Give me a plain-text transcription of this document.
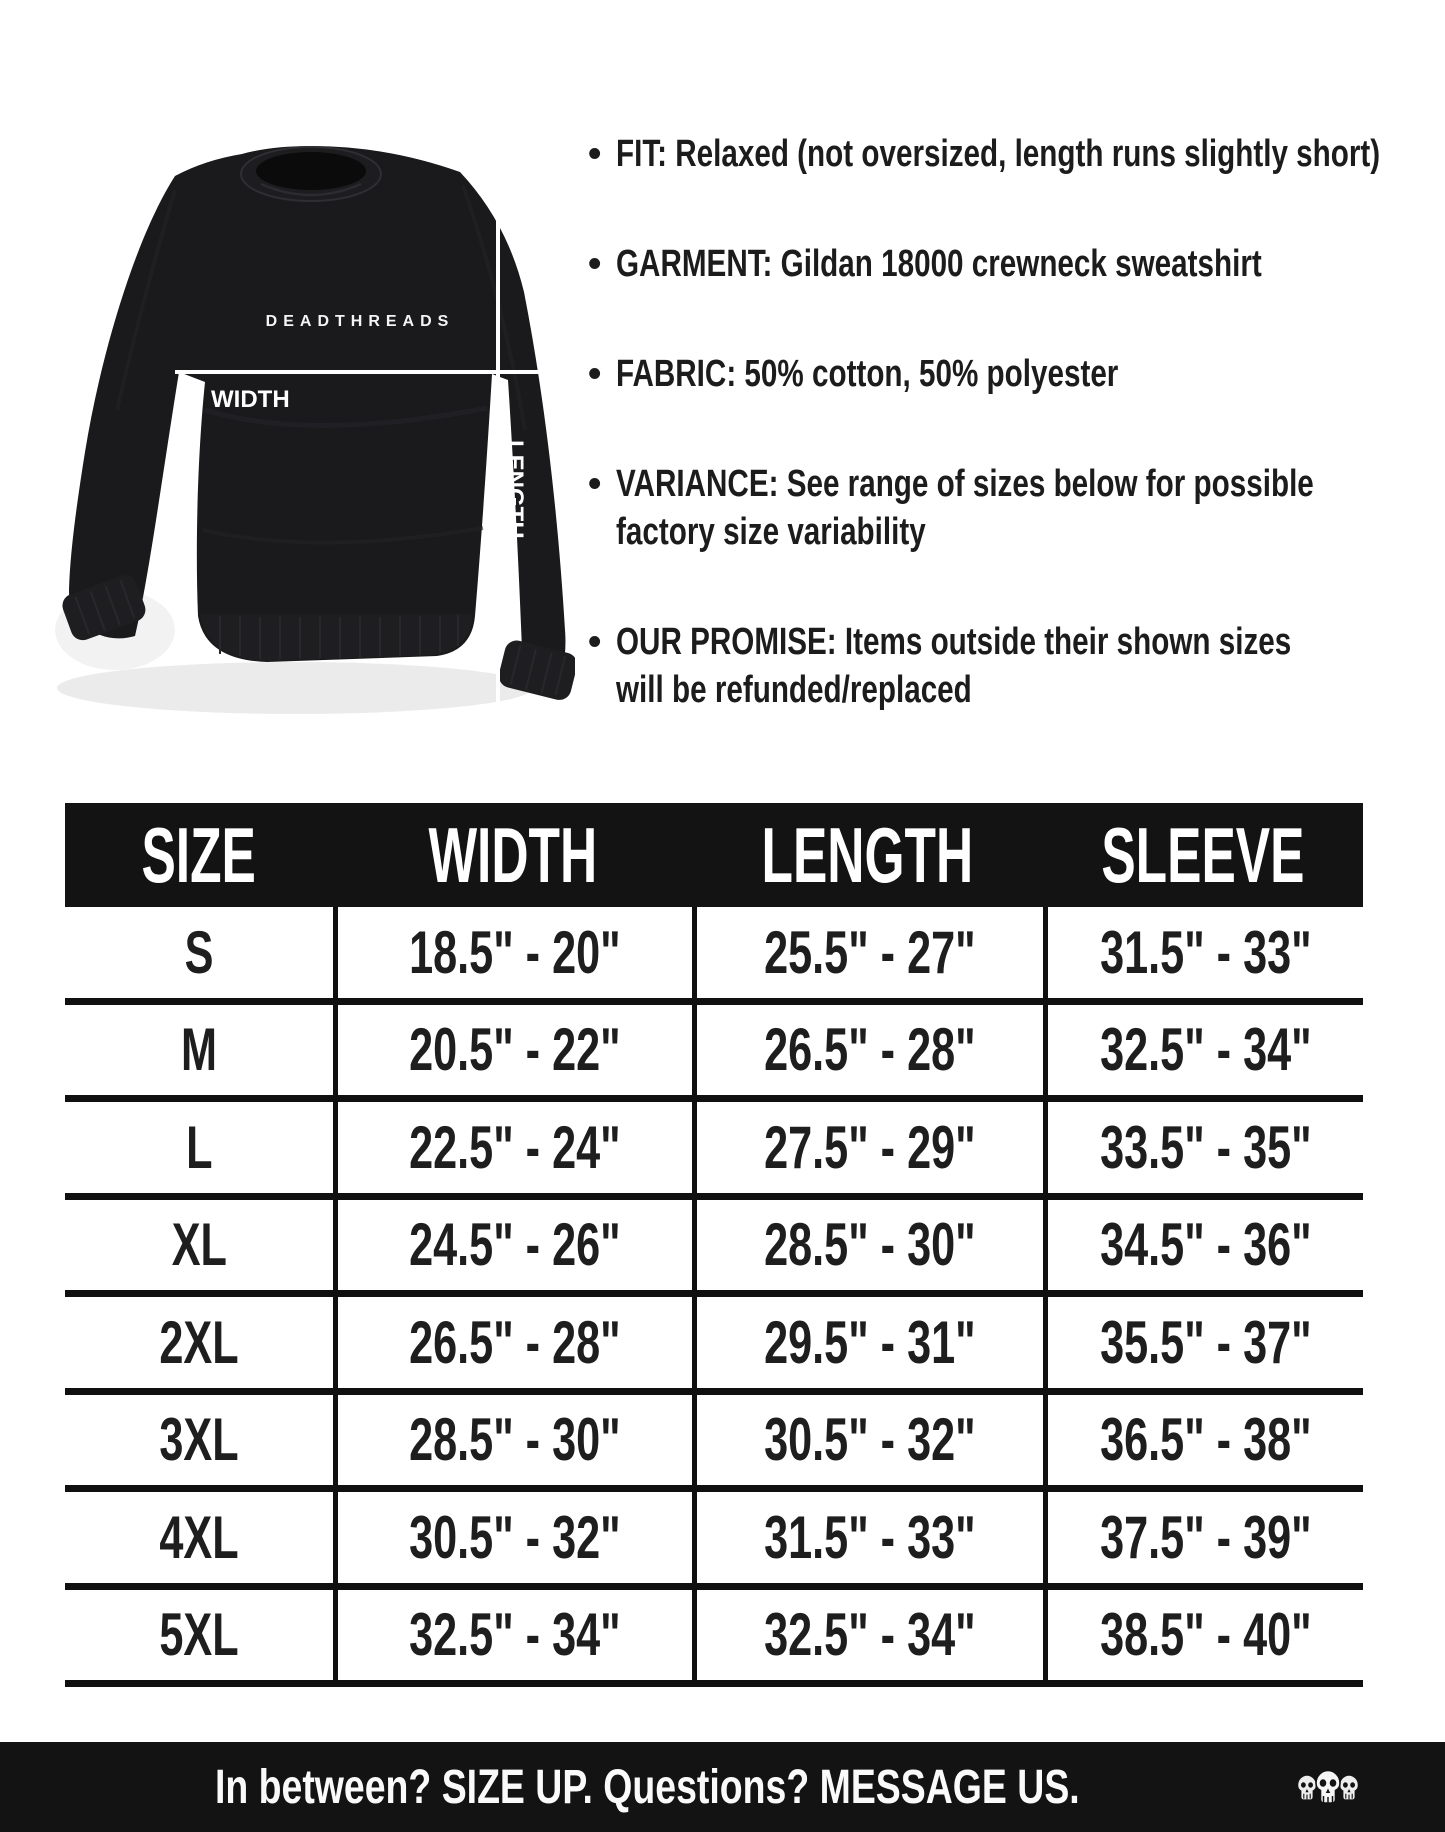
DEADTHREADS
WIDTH
LENGTH
• FIT: Relaxed (not oversized, length runs slightly short)
• GARMENT: Gildan 18000 crewneck sweatshirt
• FABRIC: 50% cotton, 50% polyester
• VARIANCE: See range of sizes below for possible
factory size variability
• OUR PROMISE: Items outside their shown sizes
will be refunded/replaced
SIZE WIDTH LENGTH SLEEVE
S	18.5" - 20" 25.5" - 27" 31.5" - 33"
M	20.5" - 22" 26.5" - 28" 32.5" - 34"
L	22.5" - 24" 27.5" - 29" 33.5" - 35"
XL	24.5" - 26" 28.5" - 30" 34.5" - 36"
2XL	26.5" - 28" 29.5" - 31" 35.5" - 37"
3XL	28.5" - 30" 30.5" - 32" 36.5" - 38"
4XL	30.5" - 32" 31.5" - 33" 37.5" - 39"
5XL	32.5" - 34" 32.5" - 34" 38.5" - 40"
In between? SIZE UP. Questions? MESSAGE US.
